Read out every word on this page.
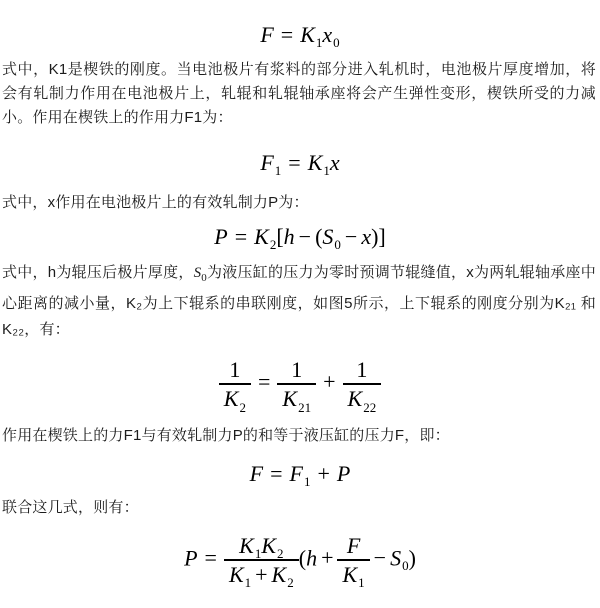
$F = K_1x_0$

式中，K1是楔铁的刚度。当电池极片有浆料的部分进入轧机时，电池极片厚度增加，将会有轧制力作用在电池极片上，轧辊和轧辊轴承座将会产生弹性变形，楔铁所受的力减小。作用在楔铁上的作用力F1为：

$F_1 = K_1x$

式中，x作用在电池极片上的有效轧制力P为：

$P = K_2[h - (S_0 - x)]$

式中，h为辊压后极片厚度，$S_0$为液压缸的压力为零时预调节辊缝值，x为两轧辊轴承座中心距离的减小量，K₂为上下辊系的串联刚度，如图5所示，上下辊系的刚度分别为K₂₁ 和K₂₂，有：

$\frac{1}{K_2} = \frac{1}{K_{21}} + \frac{1}{K_{22}}$

作用在楔铁上的力F1与有效轧制力P的和等于液压缸的压力F，即：

$F = F_1 + P$

联合这几式，则有：

$P = \frac{K_1K_2}{K_1 + K_2} (h + \frac{F}{K_1} - S_0)$
